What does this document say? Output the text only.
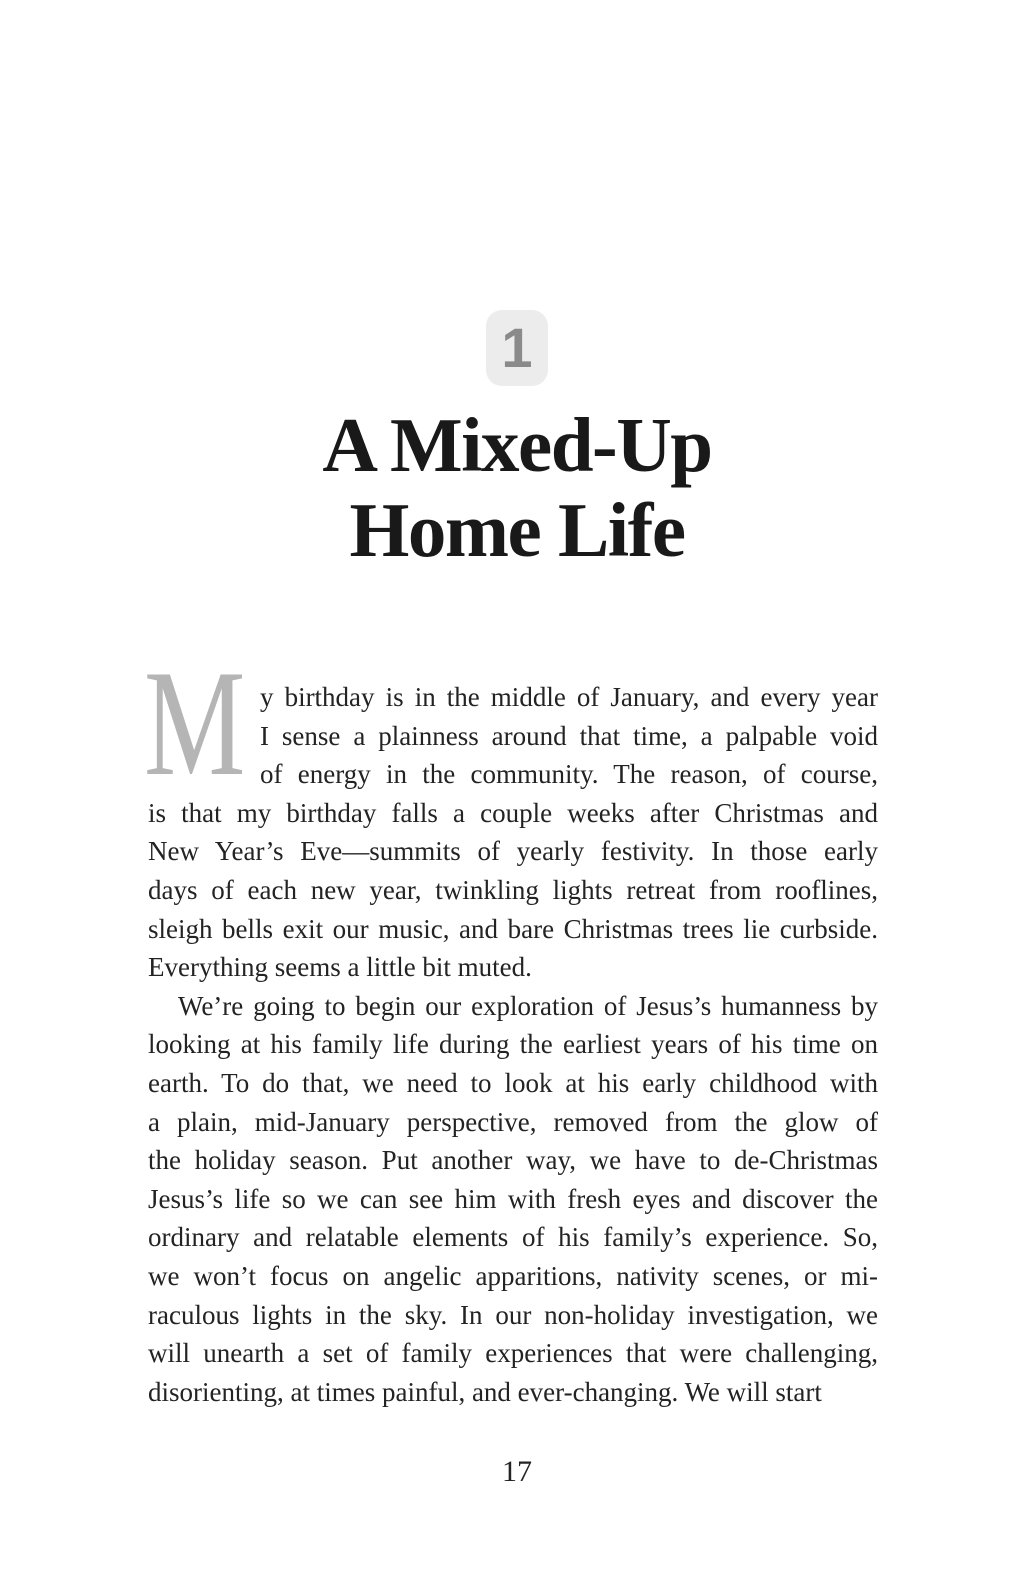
1
A Mixed-Up
Home Life
M y birthday is in the middle of January, and every year
I sense a plainness around that time, a palpable void
of energy in the community. The reason, of course,
is that my birthday falls a couple weeks after Christmas and
New Year’s Eve—summits of yearly festivity. In those early
days of each new year, twinkling lights retreat from rooflines,
sleigh bells exit our music, and bare Christmas trees lie curbside.
Everything seems a little bit muted.
We’re going to begin our exploration of Jesus’s humanness by
looking at his family life during the earliest years of his time on
earth. To do that, we need to look at his early childhood with
a plain, mid-January perspective, removed from the glow of
the holiday season. Put another way, we have to de-Christmas
Jesus’s life so we can see him with fresh eyes and discover the
ordinary and relatable elements of his family’s experience. So,
we won’t focus on angelic apparitions, nativity scenes, or mi-
raculous lights in the sky. In our non-holiday investigation, we
will unearth a set of family experiences that were challenging,
disorienting, at times painful, and ever-changing. We will start
17
